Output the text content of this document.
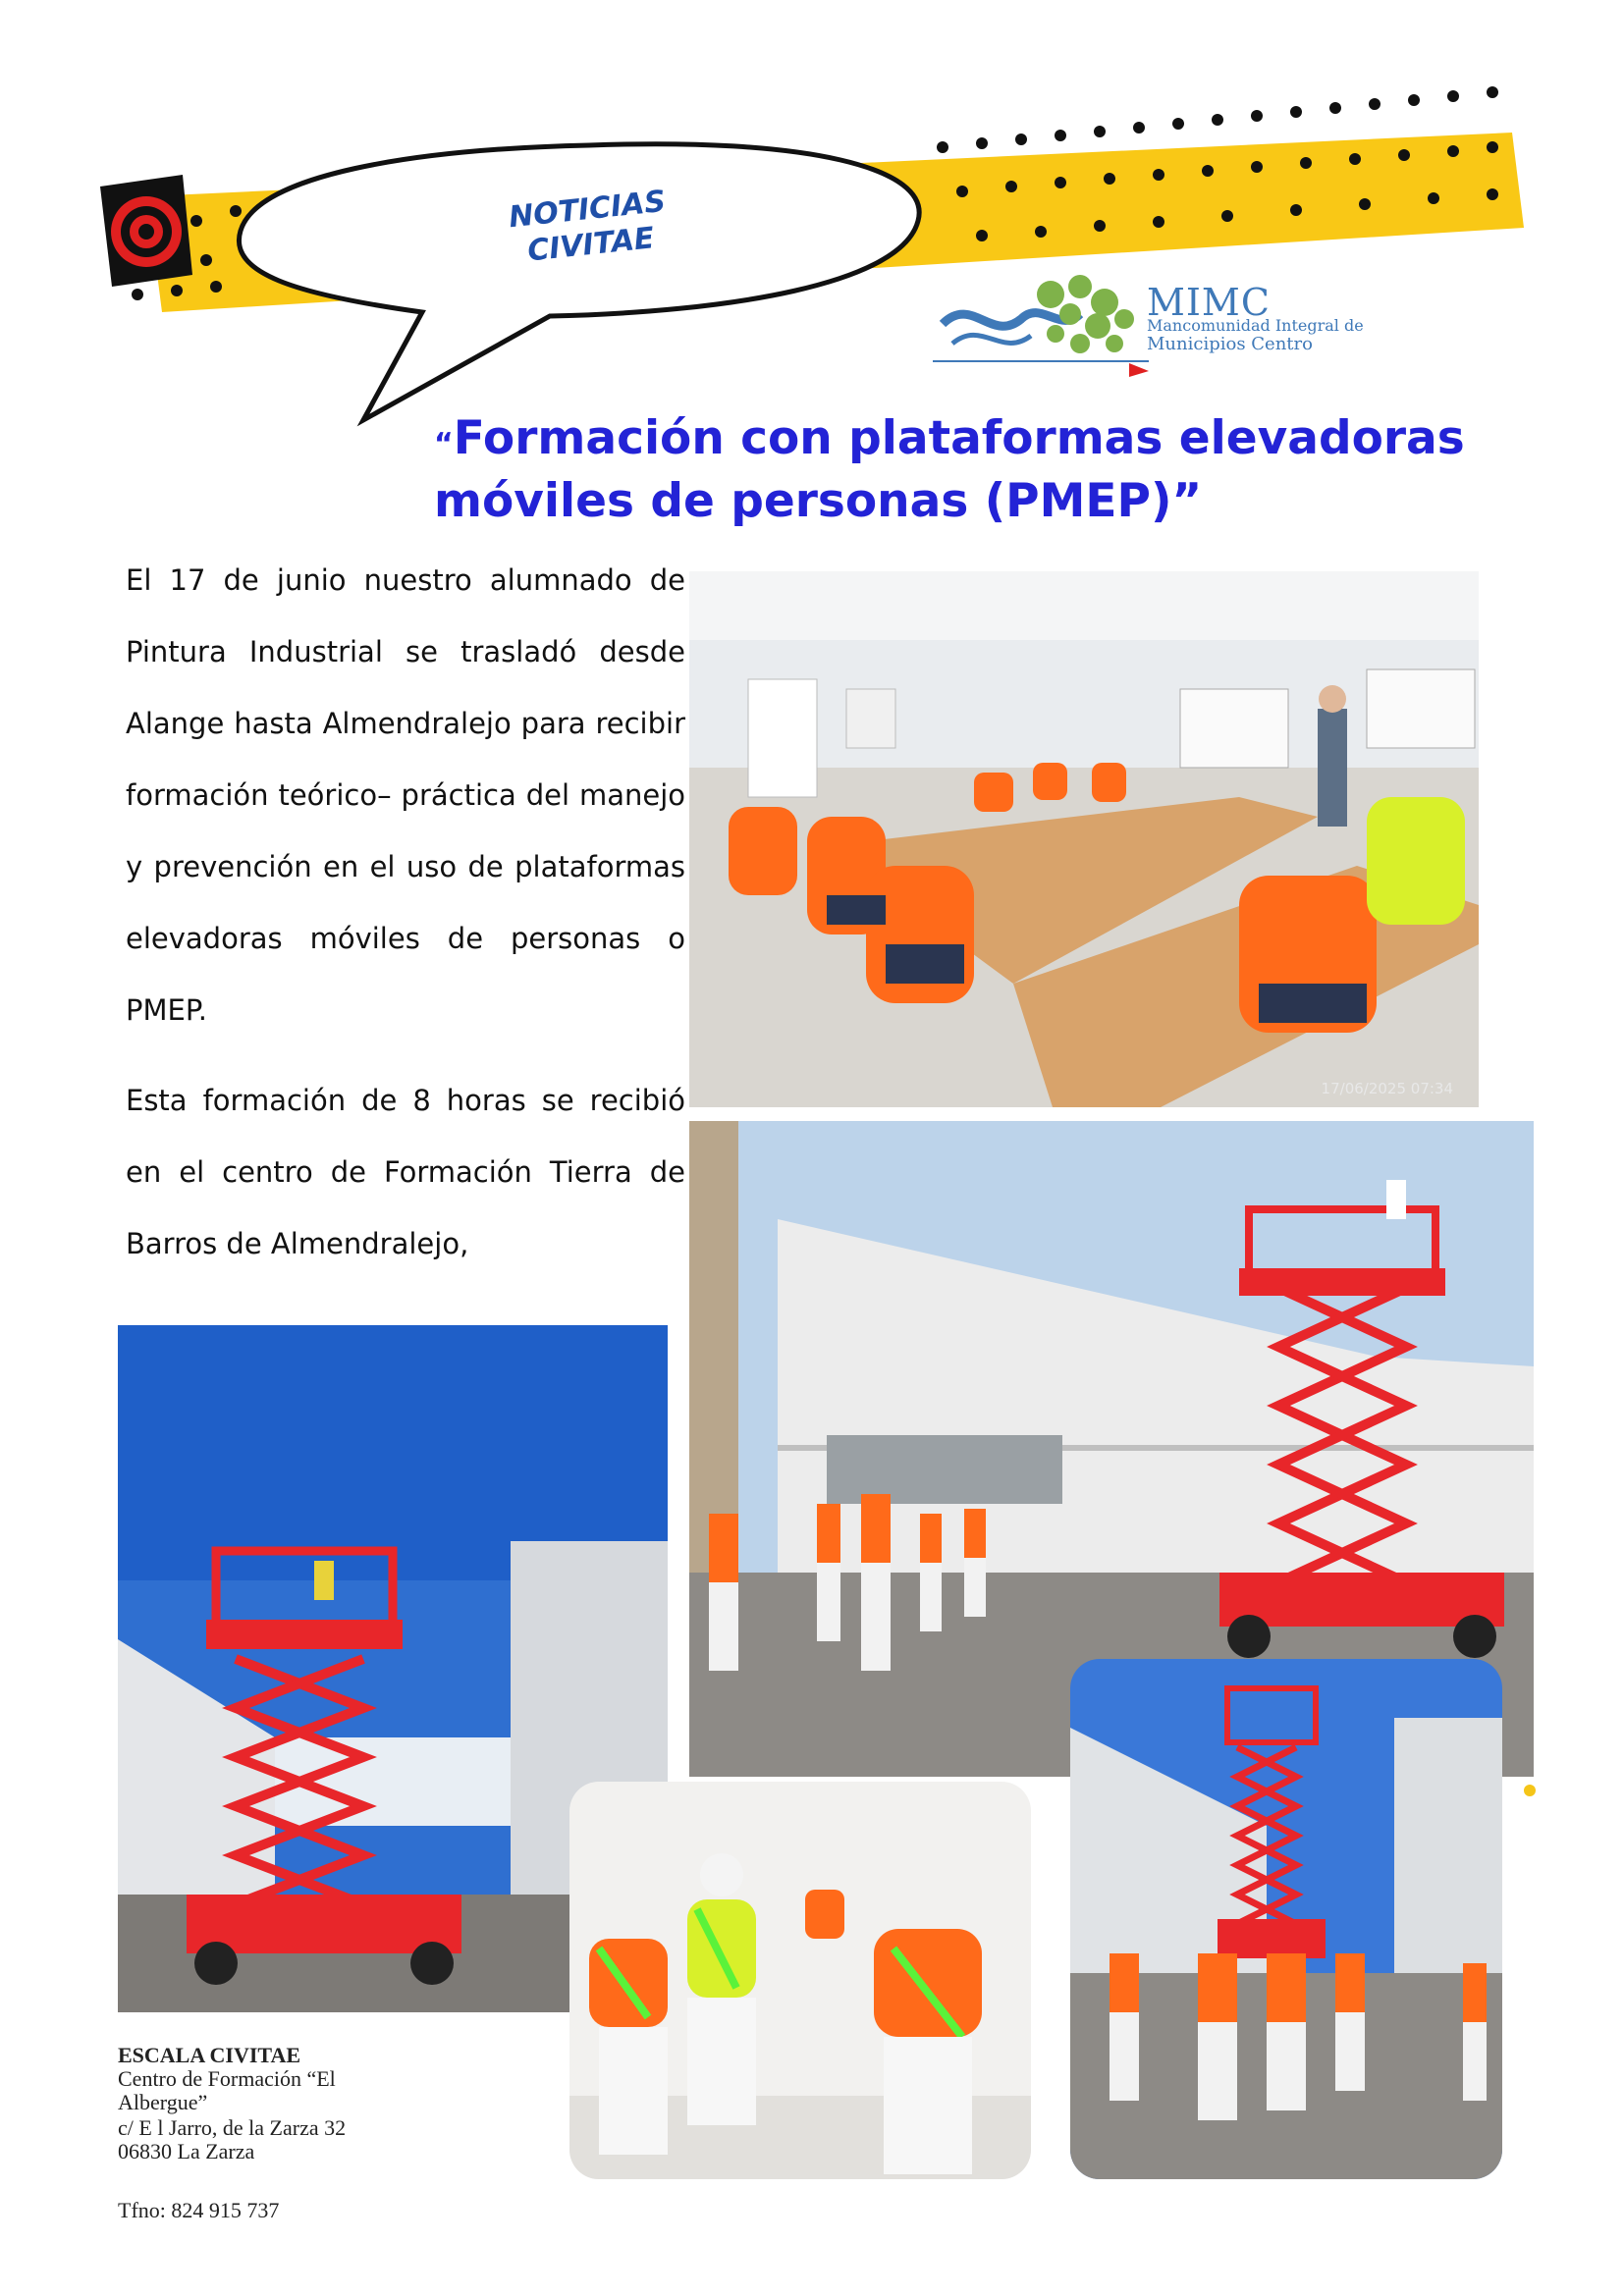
NOTICIAS
CIVITAE
MIMC
Mancomunidad Integral de
Municipios Centro
“Formación con plataformas elevadoras
móviles de personas (PMEP)”
El 17 de junio nuestro alumnado de Pintura Industrial se trasladó desde Alange hasta Almendralejo para recibir formación teórico– práctica del manejo y prevención en el uso de plataformas elevadoras móviles de personas o PMEP.
Esta formación de 8 horas se recibió en el centro de Formación Tierra de Barros de Almendralejo,
17/06/2025 07:34
ESCALA CIVITAE
Centro de Formación “El
Albergue”
c/ E l Jarro, de la Zarza 32
06830 La Zarza
Tfno: 824 915 737
